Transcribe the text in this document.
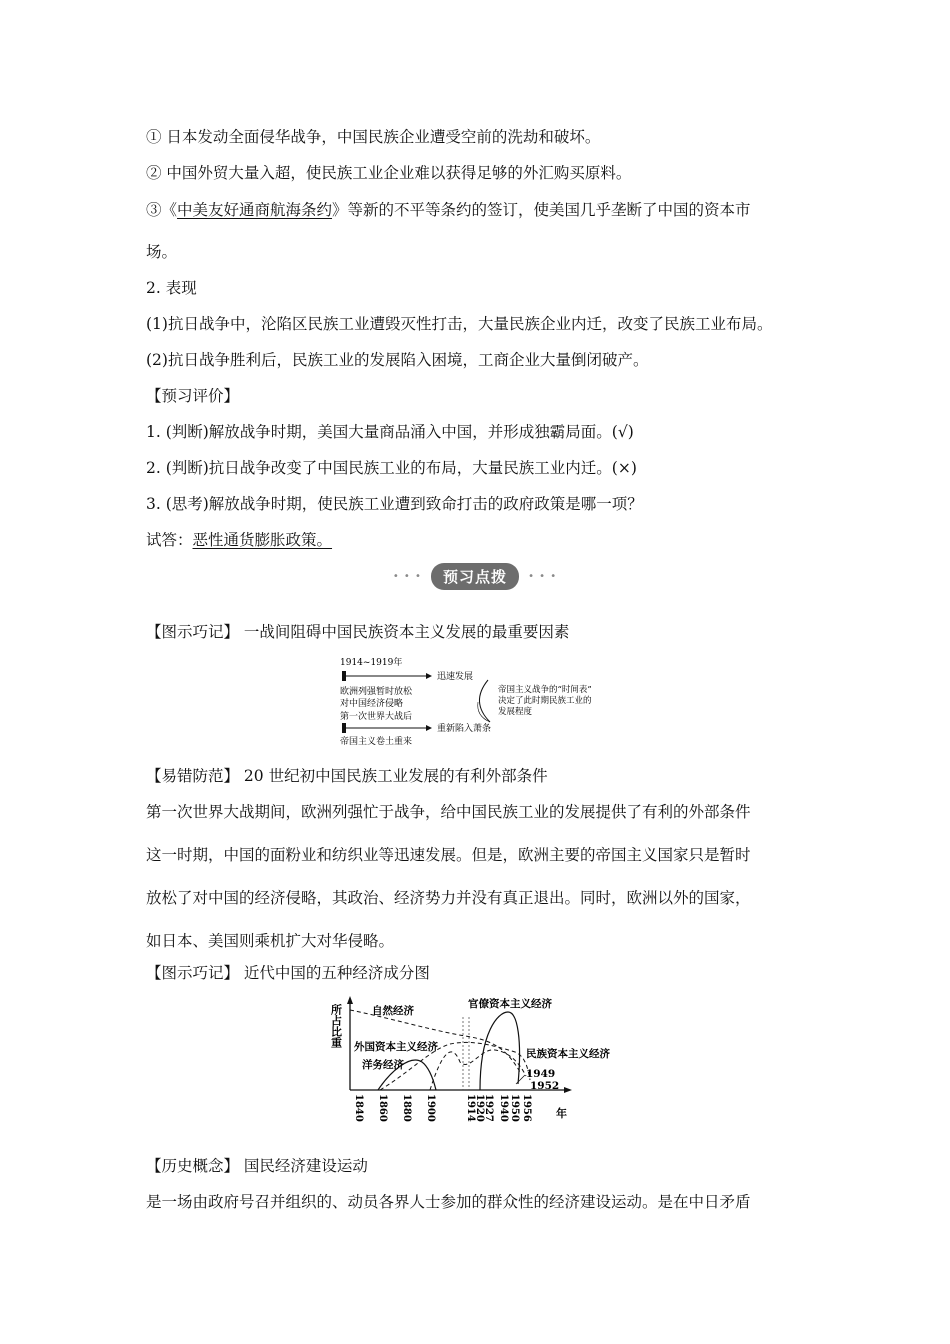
① 日本发动全面侵华战争，中国民族企业遭受空前的洗劫和破坏。
② 中国外贸大量入超，使民族工业企业难以获得足够的外汇购买原料。
③《中美友好通商航海条约》等新的不平等条约的签订，使美国几乎垄断了中国的资本市
场。
2. 表现
(1)抗日战争中，沦陷区民族工业遭毁灭性打击，大量民族企业内迁，改变了民族工业布局。
(2)抗日战争胜利后，民族工业的发展陷入困境，工商企业大量倒闭破产。
【预习评价】
1. (判断)解放战争时期，美国大量商品涌入中国，并形成独霸局面。(√)
2. (判断)抗日战争改变了中国民族工业的布局，大量民族工业内迁。(×)
3. (思考)解放战争时期，使民族工业遭到致命打击的政府政策是哪一项？
试答：恶性通货膨胀政策。
• • • 预习点拨 • • •
【图示巧记】 一战间阻碍中国民族资本主义发展的最重要因素
1914~1919年
迅速发展
欧洲列强暂时放松
对中国经济侵略
第一次世界大战后
重新陷入萧条
帝国主义卷土重来
帝国主义战争的“时间表”
决定了此时期民族工业的
发展程度
【易错防范】 20 世纪初中国民族工业发展的有利外部条件
第一次世界大战期间，欧洲列强忙于战争，给中国民族工业的发展提供了有利的外部条件
这一时期，中国的面粉业和纺织业等迅速发展。但是，欧洲主要的帝国主义国家只是暂时
放松了对中国的经济侵略，其政治、经济势力并没有真正退出。同时，欧洲以外的国家，
如日本、美国则乘机扩大对华侵略。
【图示巧记】 近代中国的五种经济成分图
所占比重
年
自然经济
官僚资本主义经济
外国资本主义经济
洋务经济
民族资本主义经济
1949
1952
1840 1860 1880 1900	1914
1920
1927 1940 1950 1956
【历史概念】 国民经济建设运动
是一场由政府号召并组织的、动员各界人士参加的群众性的经济建设运动。是在中日矛盾
